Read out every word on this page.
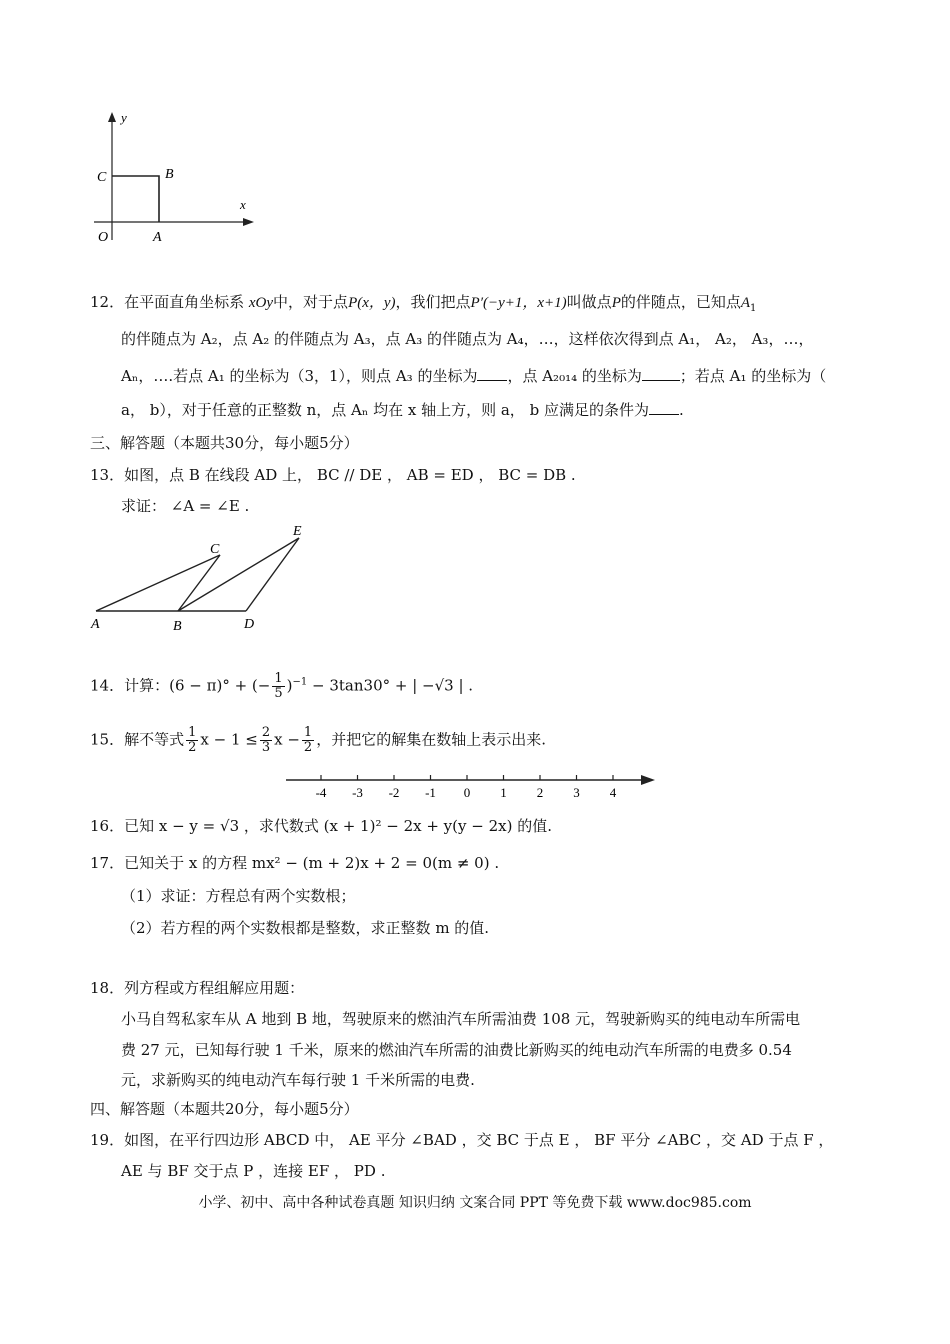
y
x
C	B
O	A
12．在平面直角坐标系 xOy中，对于点P(x，y)，我们把点P′(−y+1，x+1)叫做点P的伴随点，已知点$A_1$
的伴随点为 A₂，点 A₂ 的伴随点为 A₃，点 A₃ 的伴随点为 A₄，…，这样依次得到点 A₁， A₂， A₃，…，
Aₙ，….若点 A₁ 的坐标为（3，1），则点 A₃ 的坐标为 ，点 A₂₀₁₄ 的坐标为	；若点 A₁ 的坐标为（
a， b），对于任意的正整数 n，点 Aₙ 均在 x 轴上方，则 a， b 应满足的条件为 .
三、解答题（本题共30分，每小题5分）
13．如图，点 B 在线段 AD 上， BC // DE ， AB = ED ， BC = DB .
求证： ∠A = ∠E .
A	B
C
D
E
14．计算：(6 − π)° + (− $\frac{1}{5} )^{-1} - 3\tan 30^\circ$ + | −√3 | .
15．解不等式 $\frac{1}{2}$ $x - 1 \le \frac{2}{3}$ $x - \frac{1}{2}$ ，并把它的解集在数轴上表示出来.
-4 -3 -2 -1 0 1 2 3 4
16．已知 x − y = √3 ，求代数式 (x + 1)² − 2x + y(y − 2x) 的值.
17．已知关于 x 的方程 mx² − (m + 2)x + 2 = 0(m ≠ 0) .
（1）求证：方程总有两个实数根；
（2）若方程的两个实数根都是整数，求正整数 m 的值.
18．列方程或方程组解应用题：
小马自驾私家车从 A 地到 B 地，驾驶原来的燃油汽车所需油费 108 元，驾驶新购买的纯电动车所需电
费 27 元，已知每行驶 1 千米，原来的燃油汽车所需的油费比新购买的纯电动汽车所需的电费多 0.54
元，求新购买的纯电动汽车每行驶 1 千米所需的电费.
四、解答题（本题共20分，每小题5分）
19．如图，在平行四边形 ABCD 中， AE 平分 ∠BAD ，交 BC 于点 E ， BF 平分 ∠ABC ，交 AD 于点 F ，
AE 与 BF 交于点 P ，连接 EF ， PD .
小学、初中、高中各种试卷真题 知识归纳 文案合同 PPT 等免费下载 www.doc985.com
